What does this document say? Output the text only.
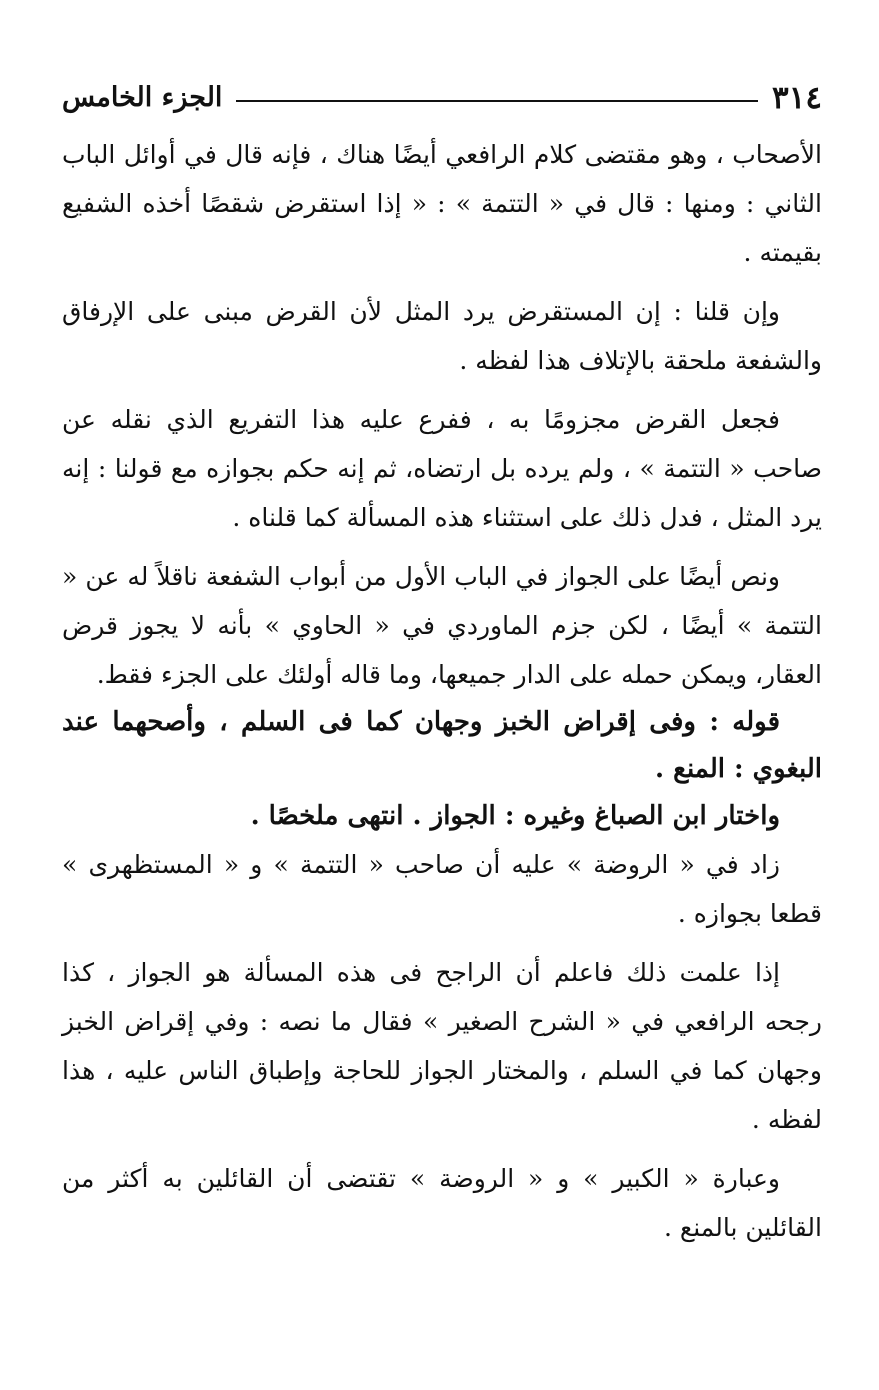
٣١٤
الجزء الخامس

الأصحاب ، وهو مقتضى كلام الرافعي أيضًا هناك ، فإنه قال في أوائل الباب الثاني : ومنها : قال في « التتمة » : « إذا استقرض شقصًا أخذه الشفيع بقيمته .

وإن قلنا : إن المستقرض يرد المثل لأن القرض مبنى على الإرفاق والشفعة ملحقة بالإتلاف هذا لفظه .

فجعل القرض مجزومًا به ، ففرع عليه هذا التفريع الذي نقله عن صاحب « التتمة » ، ولم يرده بل ارتضاه، ثم إنه حكم بجوازه مع قولنا : إنه يرد المثل ، فدل ذلك على استثناء هذه المسألة كما قلناه .

ونص أيضًا على الجواز في الباب الأول من أبواب الشفعة ناقلاً له عن « التتمة » أيضًا ، لكن جزم الماوردي في « الحاوي » بأنه لا يجوز قرض العقار، ويمكن حمله على الدار جميعها، وما قاله أولئك على الجزء فقط.

قوله : وفى إقراض الخبز وجهان كما فى السلم ، وأصحهما عند البغوي : المنع .

واختار ابن الصباغ وغيره : الجواز . انتهى ملخصًا .

زاد في « الروضة » عليه أن صاحب « التتمة » و « المستظهرى » قطعا بجوازه .

إذا علمت ذلك فاعلم أن الراجح فى هذه المسألة هو الجواز ، كذا رجحه الرافعي في « الشرح الصغير » فقال ما نصه : وفي إقراض الخبز وجهان كما في السلم ، والمختار الجواز للحاجة وإطباق الناس عليه ، هذا لفظه .

وعبارة « الكبير » و « الروضة » تقتضى أن القائلين به أكثر من القائلين بالمنع .
